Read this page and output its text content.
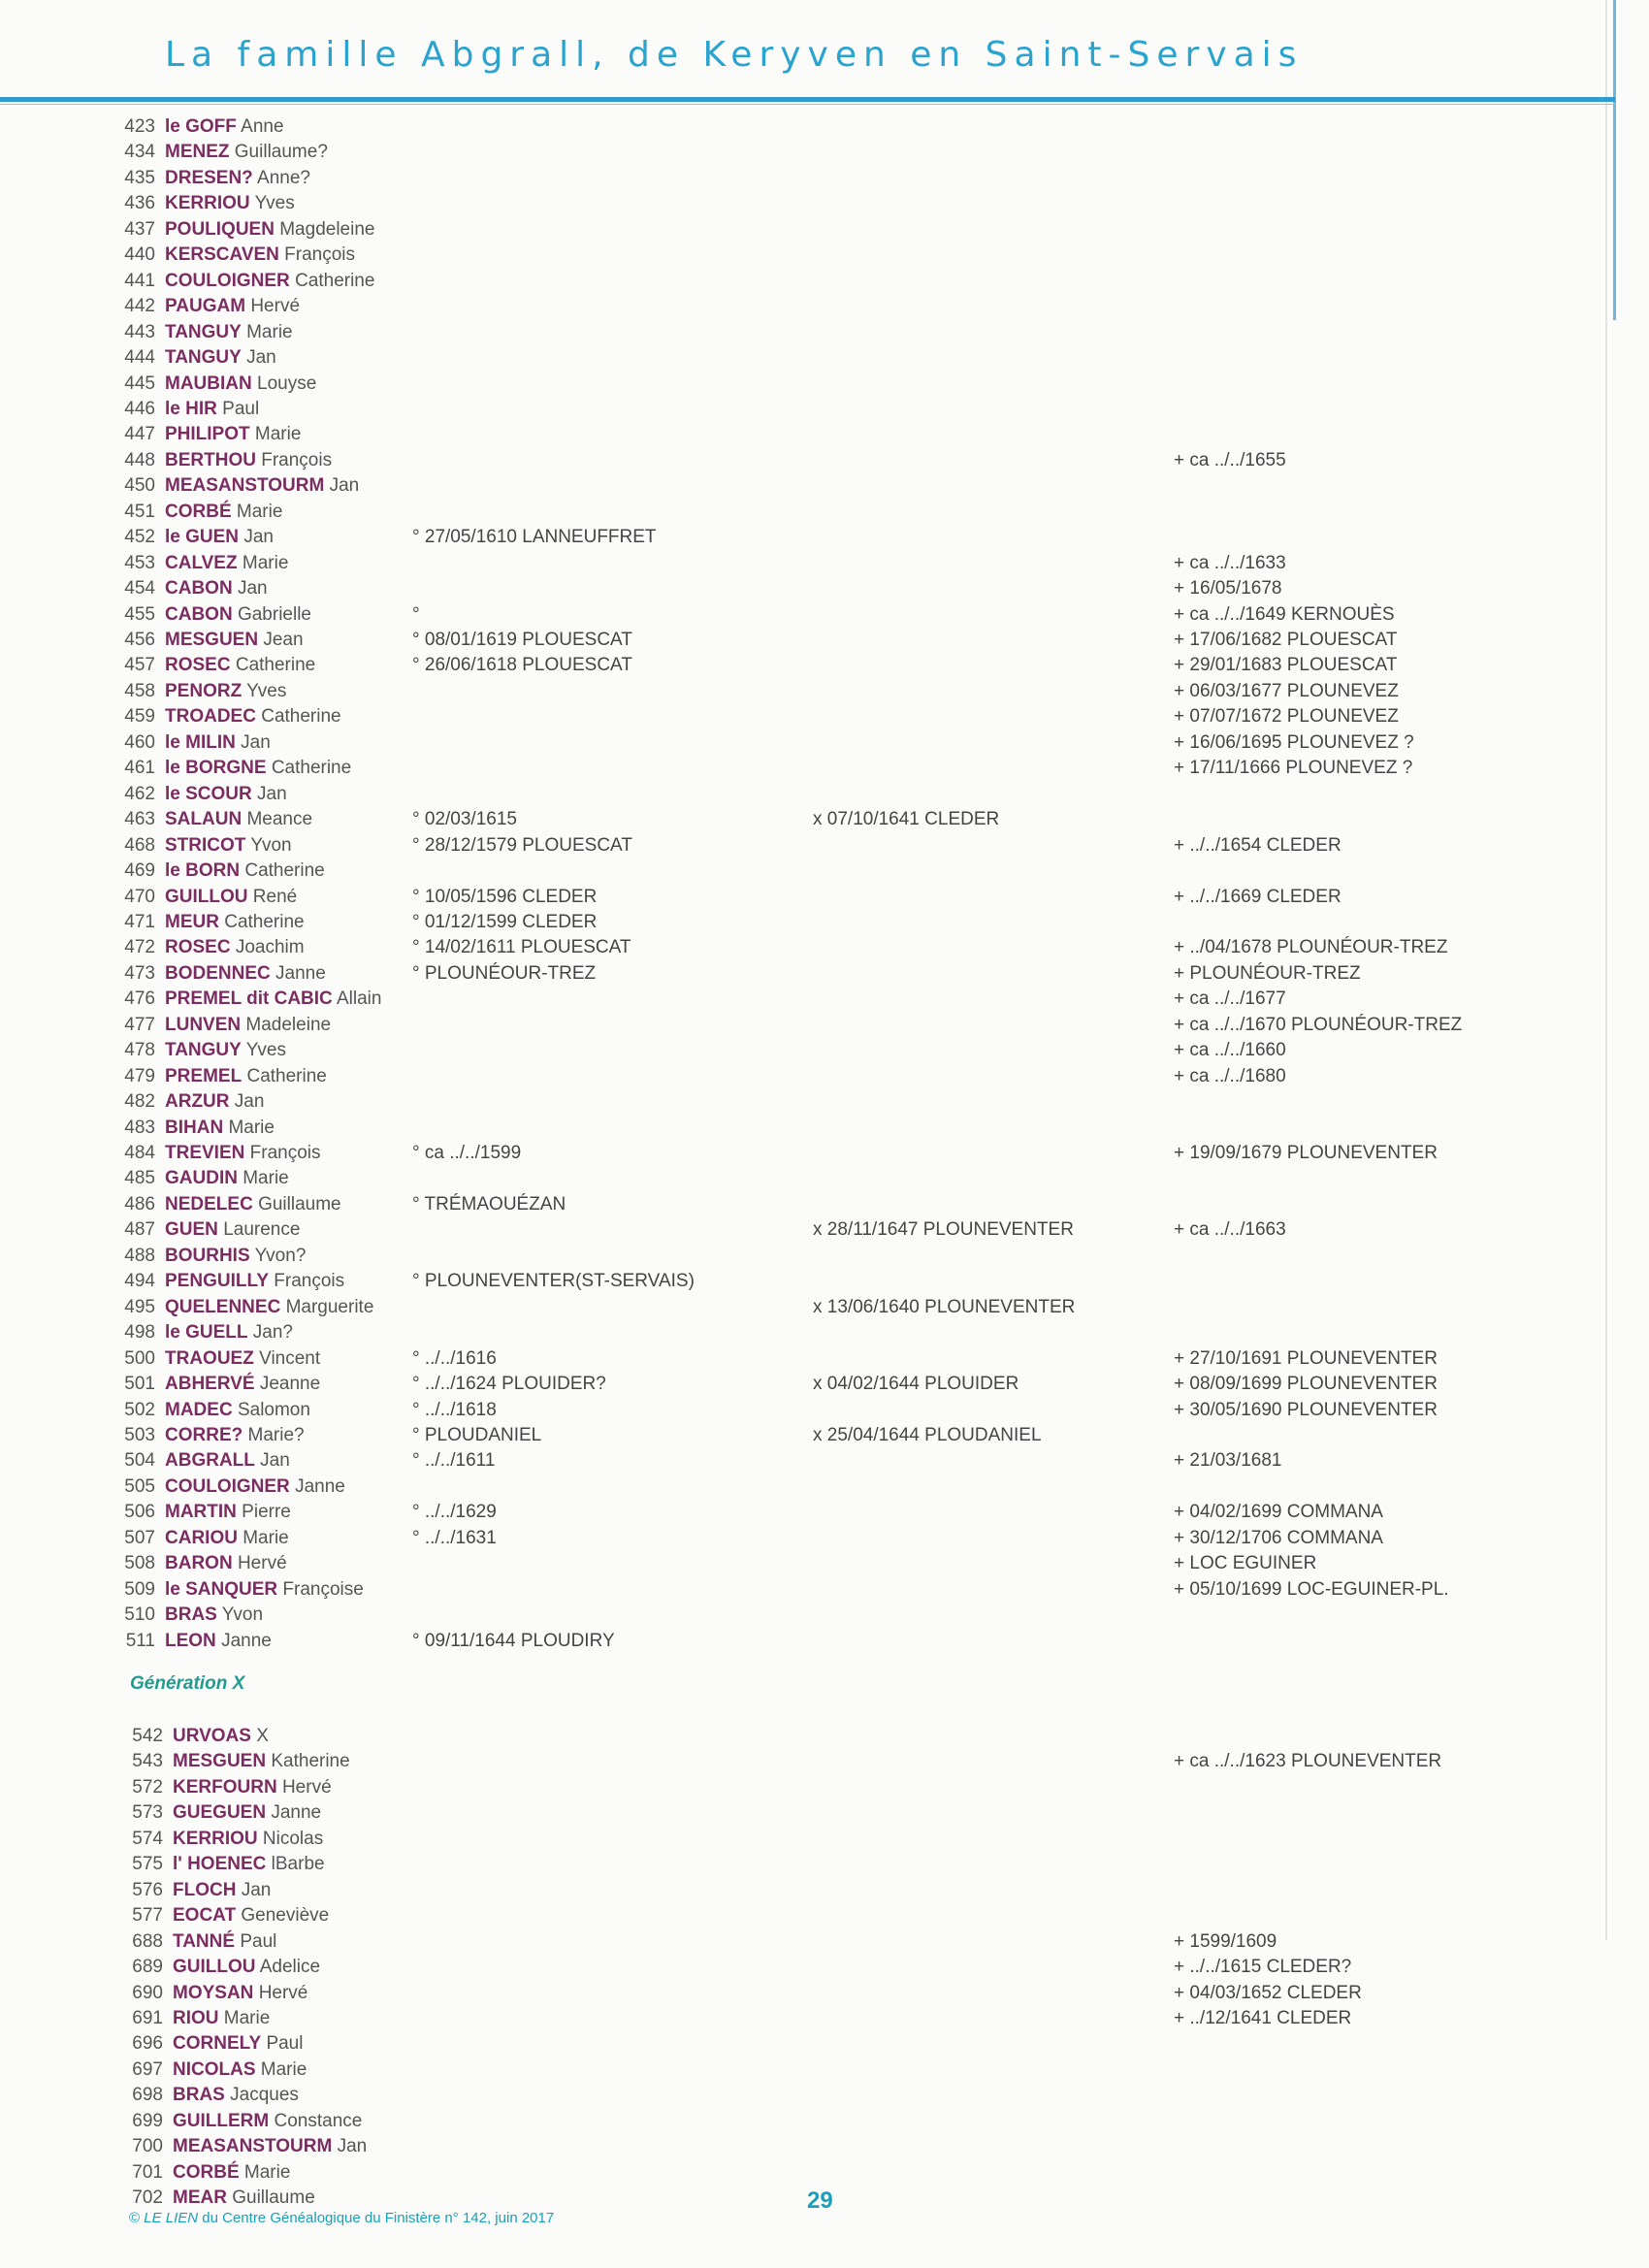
La famille Abgrall, de Keryven en Saint-Servais
423 le GOFF Anne
434 MENEZ Guillaume?
435 DRESEN? Anne?
436 KERRIOU Yves
437 POULIQUEN Magdeleine
440 KERSCAVEN François
441 COULOIGNER Catherine
442 PAUGAM Hervé
443 TANGUY Marie
444 TANGUY Jan
445 MAUBIAN Louyse
446 le HIR Paul
447 PHILIPOT Marie
448 BERTHOU François	+ ca ../../1655
450 MEASANSTOURM Jan
451 CORBÉ Marie
452 le GUEN Jan	° 27/05/1610 LANNEUFFRET
453 CALVEZ Marie	+ ca ../../1633
454 CABON Jan	+ 16/05/1678
455 CABON Gabrielle	°	+ ca ../../1649 KERNOUÈS
456 MESGUEN Jean	° 08/01/1619 PLOUESCAT	+ 17/06/1682 PLOUESCAT
457 ROSEC Catherine	° 26/06/1618 PLOUESCAT	+ 29/01/1683 PLOUESCAT
458 PENORZ Yves	+ 06/03/1677 PLOUNEVEZ
459 TROADEC Catherine	+ 07/07/1672 PLOUNEVEZ
460 le MILIN Jan	+ 16/06/1695 PLOUNEVEZ ?
461 le BORGNE Catherine	+ 17/11/1666 PLOUNEVEZ ?
462 le SCOUR Jan
463 SALAUN Meance	° 02/03/1615	x 07/10/1641 CLEDER
468 STRICOT Yvon	° 28/12/1579 PLOUESCAT	+ ../../1654 CLEDER
469 le BORN Catherine
470 GUILLOU René	° 10/05/1596 CLEDER	+ ../../1669 CLEDER
471 MEUR Catherine	° 01/12/1599 CLEDER
472 ROSEC Joachim	° 14/02/1611 PLOUESCAT	+ ../04/1678 PLOUNÉOUR-TREZ
473 BODENNEC Janne	° PLOUNÉOUR-TREZ	+ PLOUNÉOUR-TREZ
476 PREMEL dit CABIC Allain	+ ca ../../1677
477 LUNVEN Madeleine	+ ca ../../1670 PLOUNÉOUR-TREZ
478 TANGUY Yves	+ ca ../../1660
479 PREMEL Catherine	+ ca ../../1680
482 ARZUR Jan
483 BIHAN Marie
484 TREVIEN François	° ca ../../1599	+ 19/09/1679 PLOUNEVENTER
485 GAUDIN Marie
486 NEDELEC Guillaume	° TRÉMAOUÉZAN
487 GUEN Laurence	x 28/11/1647 PLOUNEVENTER	+ ca ../../1663
488 BOURHIS Yvon?
494 PENGUILLY François	° PLOUNEVENTER(ST-SERVAIS)
495 QUELENNEC Marguerite	x 13/06/1640 PLOUNEVENTER
498 le GUELL Jan?
500 TRAOUEZ Vincent	° ../../1616	+ 27/10/1691 PLOUNEVENTER
501 ABHERVÉ Jeanne	° ../../1624 PLOUIDER?	x 04/02/1644 PLOUIDER	+ 08/09/1699 PLOUNEVENTER
502 MADEC Salomon	° ../../1618	+ 30/05/1690 PLOUNEVENTER
503 CORRE? Marie?	° PLOUDANIEL	x 25/04/1644 PLOUDANIEL
504 ABGRALL Jan	° ../../1611	+ 21/03/1681
505 COULOIGNER Janne
506 MARTIN Pierre	° ../../1629	+ 04/02/1699 COMMANA
507 CARIOU Marie	° ../../1631	+ 30/12/1706 COMMANA
508 BARON Hervé	+ LOC EGUINER
509 le SANQUER Françoise	+ 05/10/1699 LOC-EGUINER-PL.
510 BRAS Yvon
511 LEON Janne	° 09/11/1644 PLOUDIRY
Génération X
542 URVOAS X
543 MESGUEN Katherine	+ ca ../../1623 PLOUNEVENTER
572 KERFOURN Hervé
573 GUEGUEN Janne
574 KERRIOU Nicolas
575 l' HOENEC lBarbe
576 FLOCH Jan
577 EOCAT Geneviève
688 TANNÉ Paul	+ 1599/1609
689 GUILLOU Adelice	+ ../../1615 CLEDER?
690 MOYSAN Hervé	+ 04/03/1652 CLEDER
691 RIOU Marie	+ ../12/1641 CLEDER
696 CORNELY Paul
697 NICOLAS Marie
698 BRAS Jacques
699 GUILLERM Constance
700 MEASANSTOURM Jan
701 CORBÉ Marie
702 MEAR Guillaume	29
© LE LIEN du Centre Généalogique du Finistère n° 142, juin 2017
